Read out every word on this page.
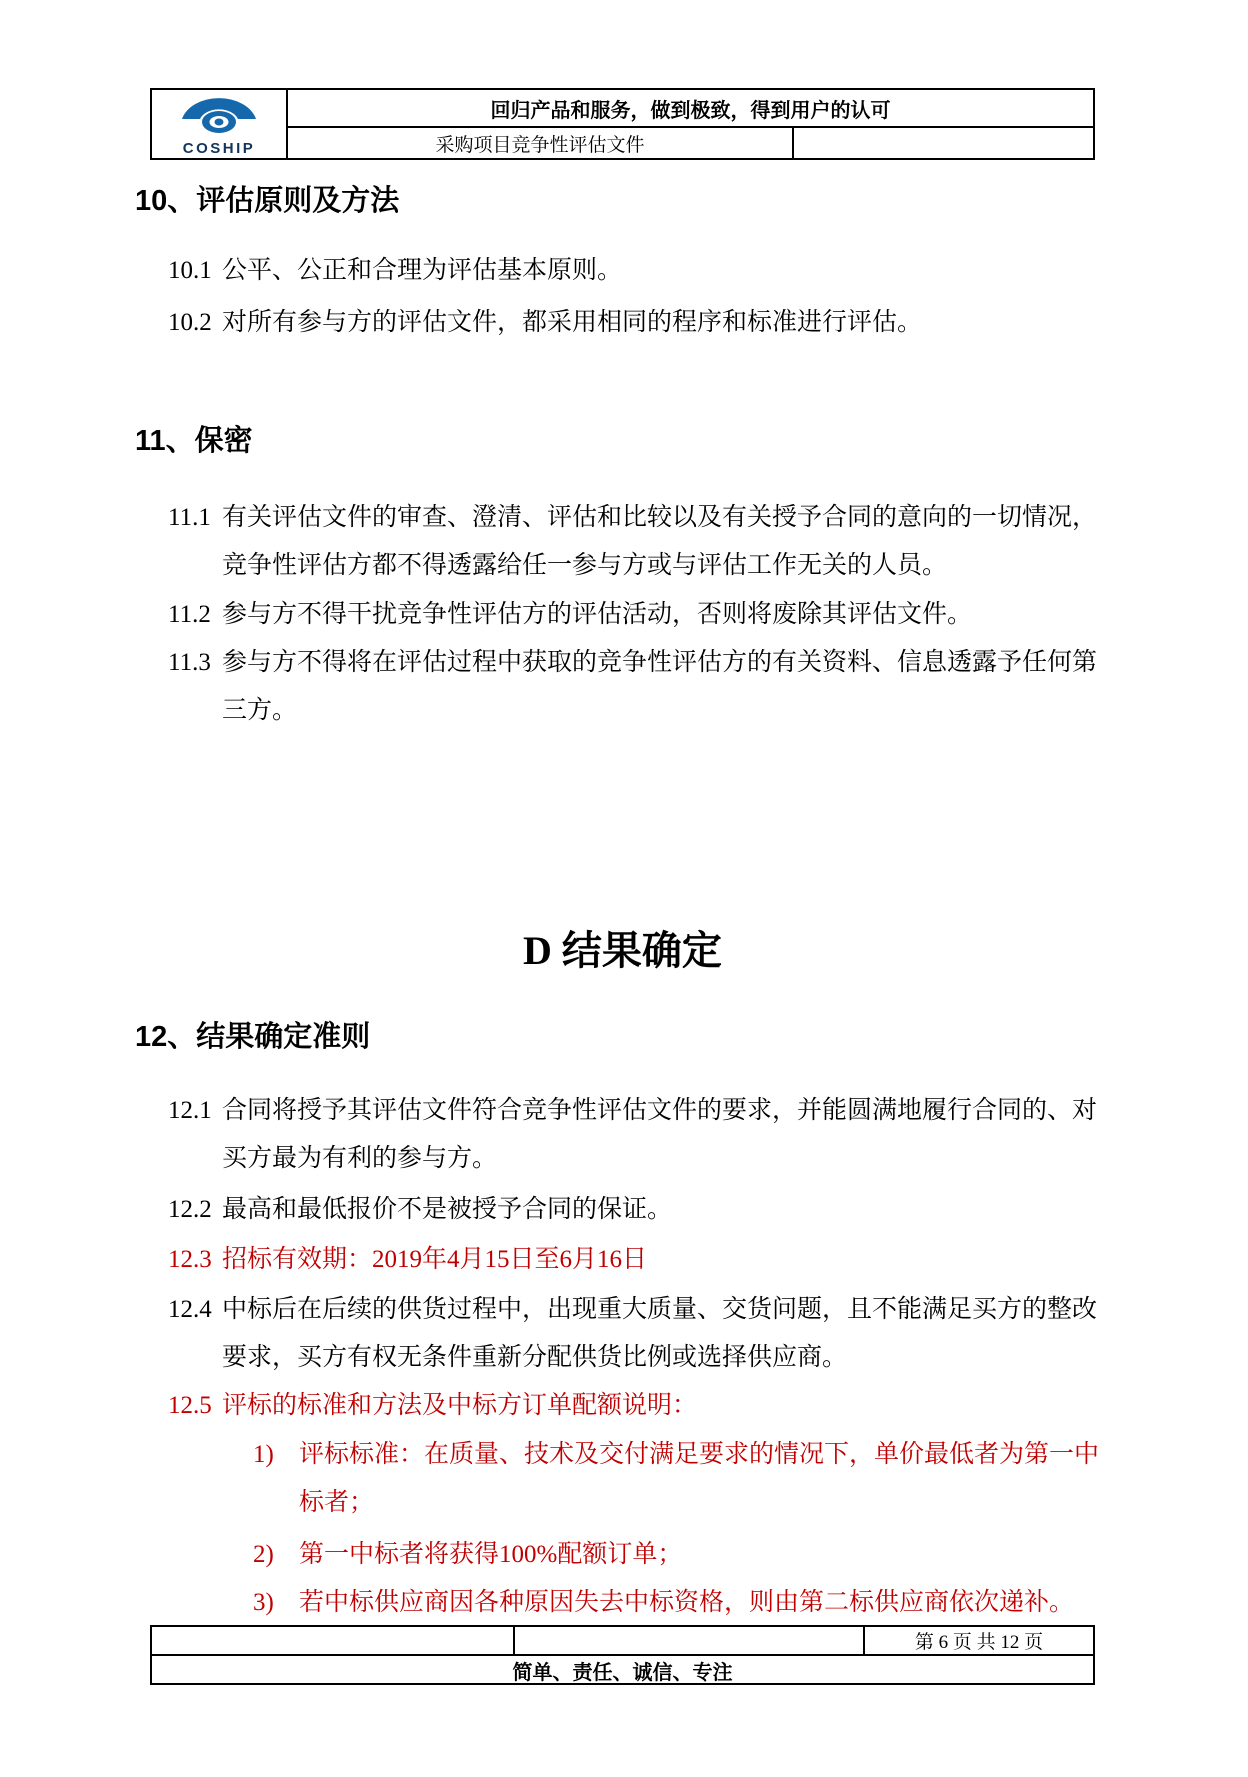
COSHIP
回归产品和服务，做到极致，得到用户的认可
采购项目竞争性评估文件
10、评估原则及方法
10.1 公平、公正和合理为评估基本原则。
10.2 对所有参与方的评估文件，都采用相同的程序和标准进行评估。
11、保密
11.1 有关评估文件的审查、澄清、评估和比较以及有关授予合同的意向的一切情况，竞争性评估方都不得透露给任一参与方或与评估工作无关的人员。
11.2 参与方不得干扰竞争性评估方的评估活动，否则将废除其评估文件。
11.3 参与方不得将在评估过程中获取的竞争性评估方的有关资料、信息透露予任何第三方。
D 结果确定
12、结果确定准则
12.1 合同将授予其评估文件符合竞争性评估文件的要求，并能圆满地履行合同的、对买方最为有利的参与方。
12.2 最高和最低报价不是被授予合同的保证。
12.3 招标有效期：2019年4月15日至6月16日
12.4 中标后在后续的供货过程中，出现重大质量、交货问题，且不能满足买方的整改要求，买方有权无条件重新分配供货比例或选择供应商。
12.5 评标的标准和方法及中标方订单配额说明：
1)	评标标准：在质量、技术及交付满足要求的情况下，单价最低者为第一中标者；
2)	第一中标者将获得100%配额订单；
3)	若中标供应商因各种原因失去中标资格，则由第二标供应商依次递补。
第 6 页 共 12 页
简单、责任、诚信、专注
